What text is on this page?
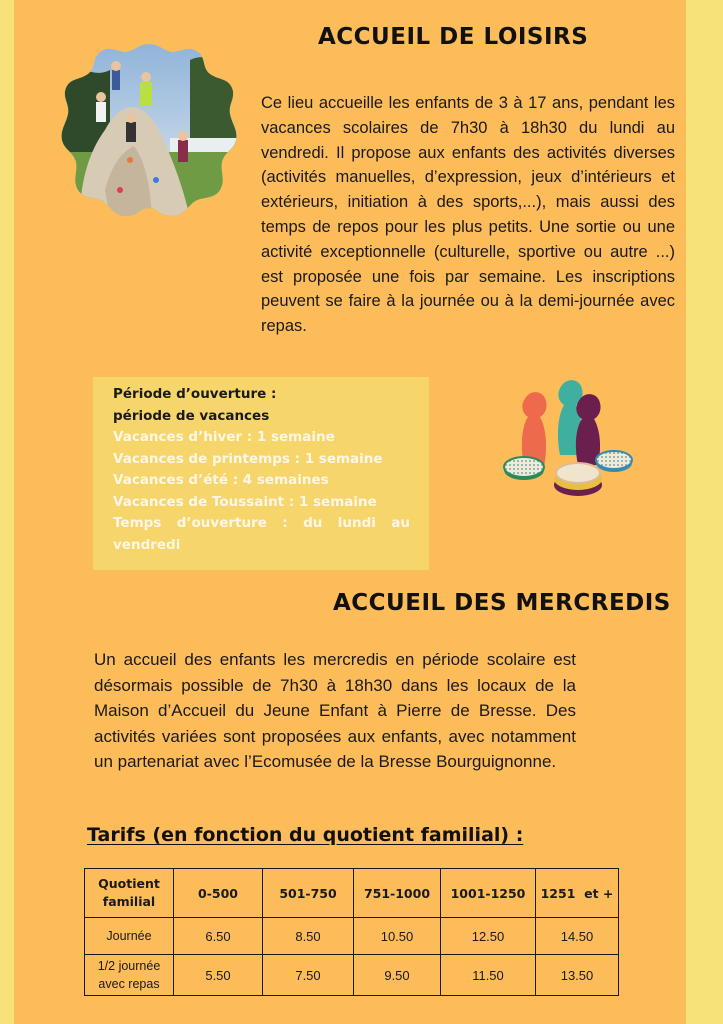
ACCUEIL DE LOISIRS
Ce lieu accueille les enfants de 3 à 17 ans, pendant les vacances scolaires de 7h30 à 18h30 du lundi au vendredi. Il propose aux enfants des activités diverses (activités manuelles, d’expression, jeux d’intérieurs et extérieurs, initiation à des sports,...), mais aussi des temps de repos pour les plus petits. Une sortie ou une activité exceptionnelle (culturelle, sportive ou autre ...) est proposée une fois par semaine. Les inscriptions peuvent se faire à la journée ou à la demi-journée avec repas.
Période d’ouverture :
période de vacances
Vacances d’hiver : 1 semaine
Vacances de printemps : 1 semaine
Vacances d’été : 4 semaines
Vacances de Toussaint : 1 semaine
Temps d’ouverture : du lundi au vendredi
ACCUEIL DES MERCREDIS
Un accueil des enfants les mercredis en période scolaire est désormais possible de 7h30 à 18h30 dans les locaux de la Maison d’Accueil du Jeune Enfant à Pierre de Bresse. Des activités variées sont proposées aux enfants, avec notamment un partenariat avec l’Ecomusée de la Bresse Bourguignonne.
Tarifs (en fonction du quotient familial) :
Quotient familial	0-500	501-750	751-1000	1001-1250	1251  et +
Journée	6.50	8.50	10.50	12.50	14.50
1/2 journée avec repas	5.50	7.50	9.50	11.50	13.50
